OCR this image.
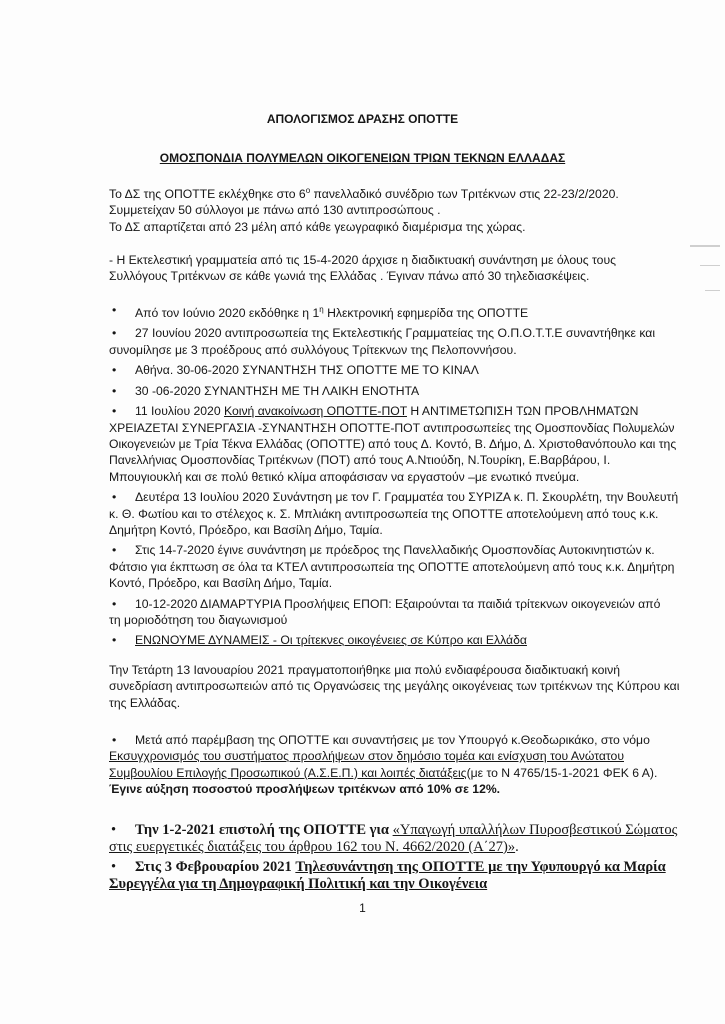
ΑΠΟΛΟΓΙΣΜΟΣ ΔΡΑΣΗΣ ΟΠΟΤΤΕ
ΟΜΟΣΠΟΝΔΙΑ ΠΟΛΥΜΕΛΩΝ ΟΙΚΟΓΕΝΕΙΩΝ ΤΡΙΩΝ ΤΕΚΝΩΝ ΕΛΛΑΔΑΣ

Το ΔΣ της ΟΠΟΤΤΕ εκλέχθηκε στο $6^o$ πανελλαδικό συνέδριο των Τριτέκνων στις 22-23/2/2020.

Συμμετείχαν 50 σύλλογοι με πάνω από 130 αντιπροσώπους .

Το ΔΣ απαρτίζεται από 23 μέλη από κάθε γεωγραφικό διαμέρισμα της χώρας.

- Η Εκτελεστική γραμματεία από τις 15-4-2020 άρχισε η διαδικτυακή συνάντηση με όλους τους

Συλλόγους Τριτέκνων σε κάθε γωνιά της Ελλάδας . Έγιναν πάνω από 30 τηλεδιασκέψεις.

• Από τον Ιούνιο 2020 εκδόθηκε η $1^\eta$ Ηλεκτρονική εφημερίδα της ΟΠΟΤΤΕ
• 27 Ιουνίου 2020 αντιπροσωπεία της Εκτελεστικής Γραμματείας της Ο.Π.Ο.Τ.Τ.Ε συναντήθηκε και
συνομίλησε με 3 προέδρους από συλλόγους Τρίτεκνων της Πελοποννήσου.
• Αθήνα. 30-06-2020 ΣΥΝΑΝΤΗΣΗ ΤΗΣ ΟΠΟΤΤΕ ΜΕ ΤΟ ΚΙΝΑΛ
• 30 -06-2020 ΣΥΝΑΝΤΗΣΗ ΜΕ ΤΗ ΛΑΙΚΗ ΕΝΟΤΗΤΑ
• 11 Ιουλίου 2020 Κοινή ανακοίνωση ΟΠΟΤΤΕ-ΠΟΤ Η ΑΝΤΙΜΕΤΩΠΙΣΗ ΤΩΝ ΠΡΟΒΛΗΜΑΤΩΝ
ΧΡΕΙΑΖΕΤΑΙ ΣΥΝΕΡΓΑΣΙΑ -ΣΥΝΑΝΤΗΣΗ ΟΠΟΤΤΕ-ΠΟΤ αντιπροσωπείες της Ομοσπονδίας Πολυμελών
Οικογενειών με Τρία Τέκνα Ελλάδας (ΟΠΟΤΤΕ) από τους Δ. Κοντό, Β. Δήμο, Δ. Χριστοθανόπουλο και της
Πανελλήνιας Ομοσπονδίας Τριτέκνων (ΠΟΤ) από τους Α.Ντιούδη, Ν.Τουρίκη, Ε.Βαρβάρου, Ι.
Μπουγιουκλή και σε πολύ θετικό κλίμα αποφάσισαν να εργαστούν –με ενωτικό πνεύμα.
• Δευτέρα 13 Ιουλίου 2020 Συνάντηση με τον Γ. Γραμματέα του ΣΥΡΙΖΑ κ. Π. Σκουρλέτη, την Βουλευτή
κ. Θ. Φωτίου και το στέλεχος κ. Σ. Μπλιάκη αντιπροσωπεία της ΟΠΟΤΤΕ αποτελούμενη από τους κ.κ.
Δημήτρη Κοντό, Πρόεδρο, και Βασίλη Δήμο, Ταμία.
• Στις 14-7-2020 έγινε συνάντηση με πρόεδρος της Πανελλαδικής Ομοσπονδίας Αυτοκινητιστών κ.
Φάτσιο για έκπτωση σε όλα τα ΚΤΕΛ αντιπροσωπεία της ΟΠΟΤΤΕ αποτελούμενη από τους κ.κ. Δημήτρη
Κοντό, Πρόεδρο, και Βασίλη Δήμο, Ταμία.
• 10-12-2020 ΔΙΑΜΑΡΤΥΡΙΑ Προσλήψεις ΕΠΟΠ: Εξαιρούνται τα παιδιά τρίτεκνων οικογενειών από
τη μοριοδότηση του διαγωνισμού
• ΕΝΩΝΟΥΜΕ ΔΥΝΑΜΕΙΣ - Οι τρίτεκνες οικογένειες σε Κύπρο και Ελλάδα

Την Τετάρτη 13 Ιανουαρίου 2021 πραγματοποιήθηκε μια πολύ ενδιαφέρουσα διαδικτυακή κοινή

συνεδρίαση αντιπροσωπειών από τις Οργανώσεις της μεγάλης οικογένειας των τριτέκνων της Κύπρου και

της Ελλάδας.

• Μετά από παρέμβαση της ΟΠΟΤΤΕ και συναντήσεις με τον Υπουργό κ.Θεοδωρικάκο, στο νόμο
Εκσυγχρονισμός του συστήματος προσλήψεων στον δημόσιο τομέα και ενίσχυση του Ανώτατου
Συμβουλίου Επιλογής Προσωπικού (Α.Σ.Ε.Π.) και λοιπές διατάξεις(με το Ν 4765/15-1-2021 ΦΕΚ 6 Α).
Έγινε αύξηση ποσοστού προσλήψεων τριτέκνων από 10% σε 12%.
• Την 1-2-2021 επιστολή της ΟΠΟΤΤΕ για «Υπαγωγή υπαλλήλων Πυροσβεστικού Σώματος
στις ευεργετικές διατάξεις του άρθρου 162 του Ν. 4662/2020 (Α΄27)».
• Στις 3 Φεβρουαρίου 2021 Τηλεσυνάντηση της ΟΠΟΤΤΕ με την Υφυπουργό κα Μαρία
Συρεγγέλα για τη Δημογραφική Πολιτική και την Οικογένεια
1
